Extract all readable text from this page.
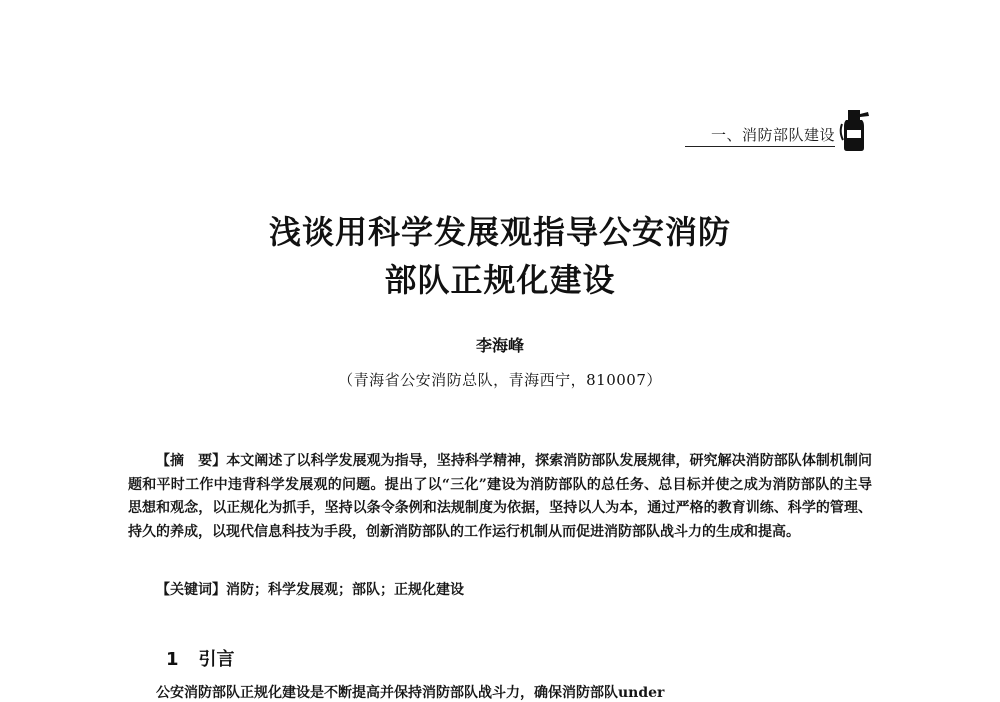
一、消防部队建设
浅谈用科学发展观指导公安消防
部队正规化建设
李海峰
（青海省公安消防总队，青海西宁，810007）
【摘　要】本文阐述了以科学发展观为指导，坚持科学精神，探索消防部队发展规律，研究解决消防部队体制机制问题和平时工作中违背科学发展观的问题。提出了以“三化”建设为消防部队的总任务、总目标并使之成为消防部队的主导思想和观念，以正规化为抓手，坚持以条令条例和法规制度为依据，坚持以人为本，通过严格的教育训练、科学的管理、持久的养成，以现代信息科技为手段，创新消防部队的工作运行机制从而促进消防部队战斗力的生成和提高。
【关键词】消防；科学发展观；部队；正规化建设
1 引言
公安消防部队正规化建设是不断提高并保持消防部队战斗力，确保消防部队under
